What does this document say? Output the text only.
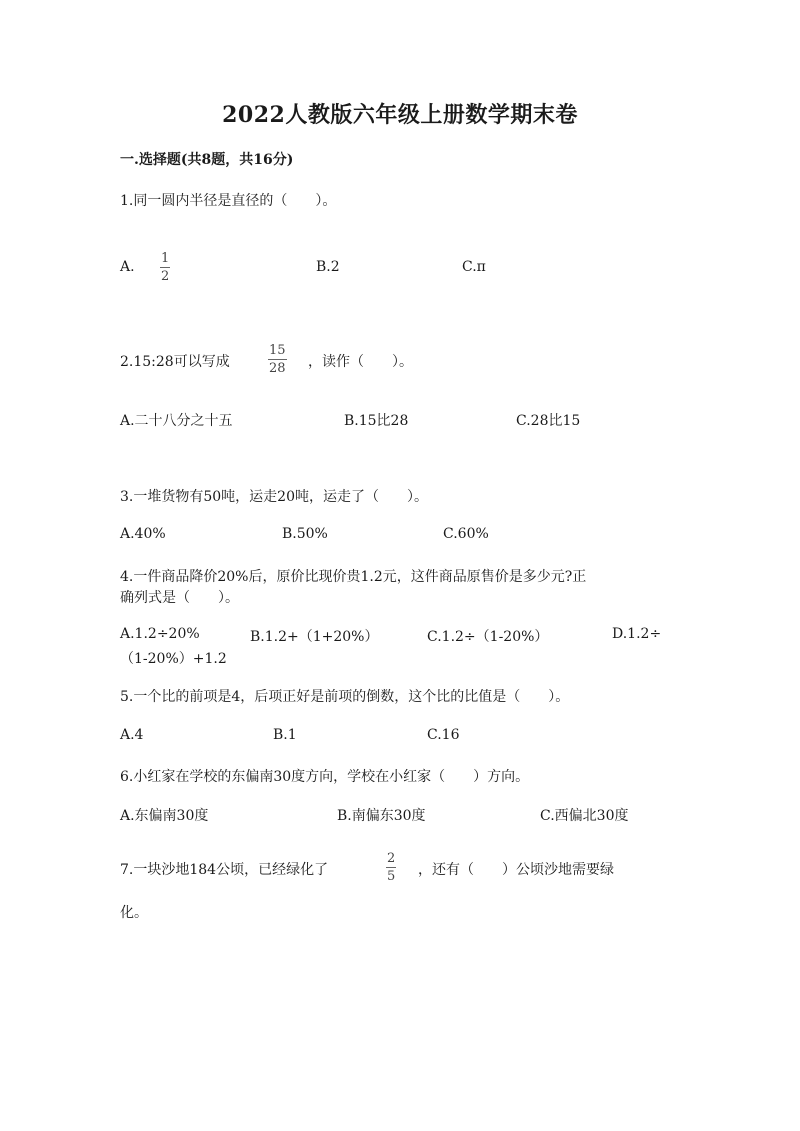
2022人教版六年级上册数学期末卷
一.选择题(共8题，共16分)
1.同一圆内半径是直径的（　　）。
A.
1
2
B.2	C.π
2.15:28可以写成
15
28 ，读作（　　）。
A.二十八分之十五	B.15比28	C.28比15
3.一堆货物有50吨，运走20吨，运走了（　　）。
A.40%	B.50%	C.60%
4.一件商品降价20%后，原价比现价贵1.2元，这件商品原售价是多少元?正
确列式是（　　）。
A.1.2÷20%	B.1.2+（1+20%）	C.1.2÷（1-20%）	D.1.2÷
（1-20%）+1.2
5.一个比的前项是4，后项正好是前项的倒数，这个比的比值是（　　）。
A.4	B.1	C.16
6.小红家在学校的东偏南30度方向，学校在小红家（　　）方向。
A.东偏南30度	B.南偏东30度	C.西偏北30度
7.一块沙地184公顷，已经绿化了
2
5 ，还有（　　）公顷沙地需要绿
化。
